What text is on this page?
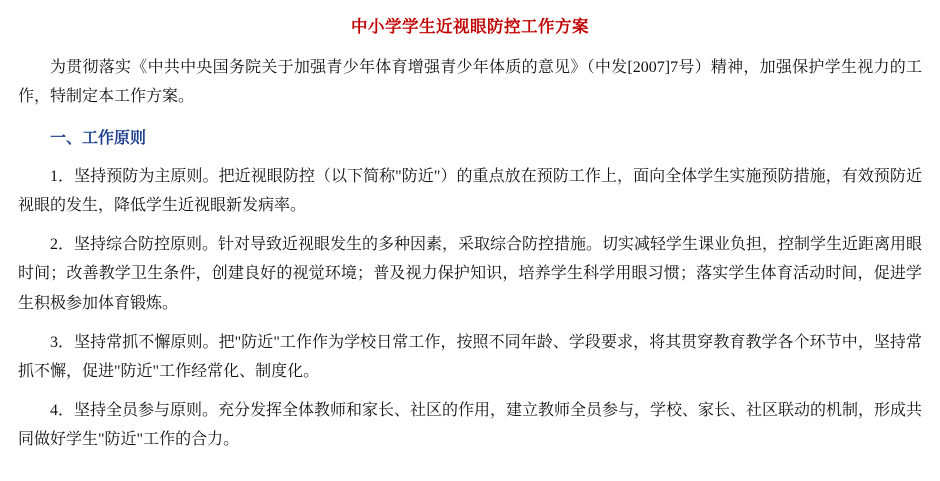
中小学学生近视眼防控工作方案

为贯彻落实《中共中央国务院关于加强青少年体育增强青少年体质的意见》（中发[2007]7号）精神，加强保护学生视力的工作，特制定本工作方案。

一、工作原则

1．坚持预防为主原则。把近视眼防控（以下简称"防近"）的重点放在预防工作上，面向全体学生实施预防措施，有效预防近视眼的发生，降低学生近视眼新发病率。

2．坚持综合防控原则。针对导致近视眼发生的多种因素，采取综合防控措施。切实减轻学生课业负担，控制学生近距离用眼时间；改善教学卫生条件，创建良好的视觉环境；普及视力保护知识，培养学生科学用眼习惯；落实学生体育活动时间，促进学生积极参加体育锻炼。

3．坚持常抓不懈原则。把"防近"工作作为学校日常工作，按照不同年龄、学段要求，将其贯穿教育教学各个环节中，坚持常抓不懈，促进"防近"工作经常化、制度化。

4．坚持全员参与原则。充分发挥全体教师和家长、社区的作用，建立教师全员参与，学校、家长、社区联动的机制，形成共同做好学生"防近"工作的合力。
